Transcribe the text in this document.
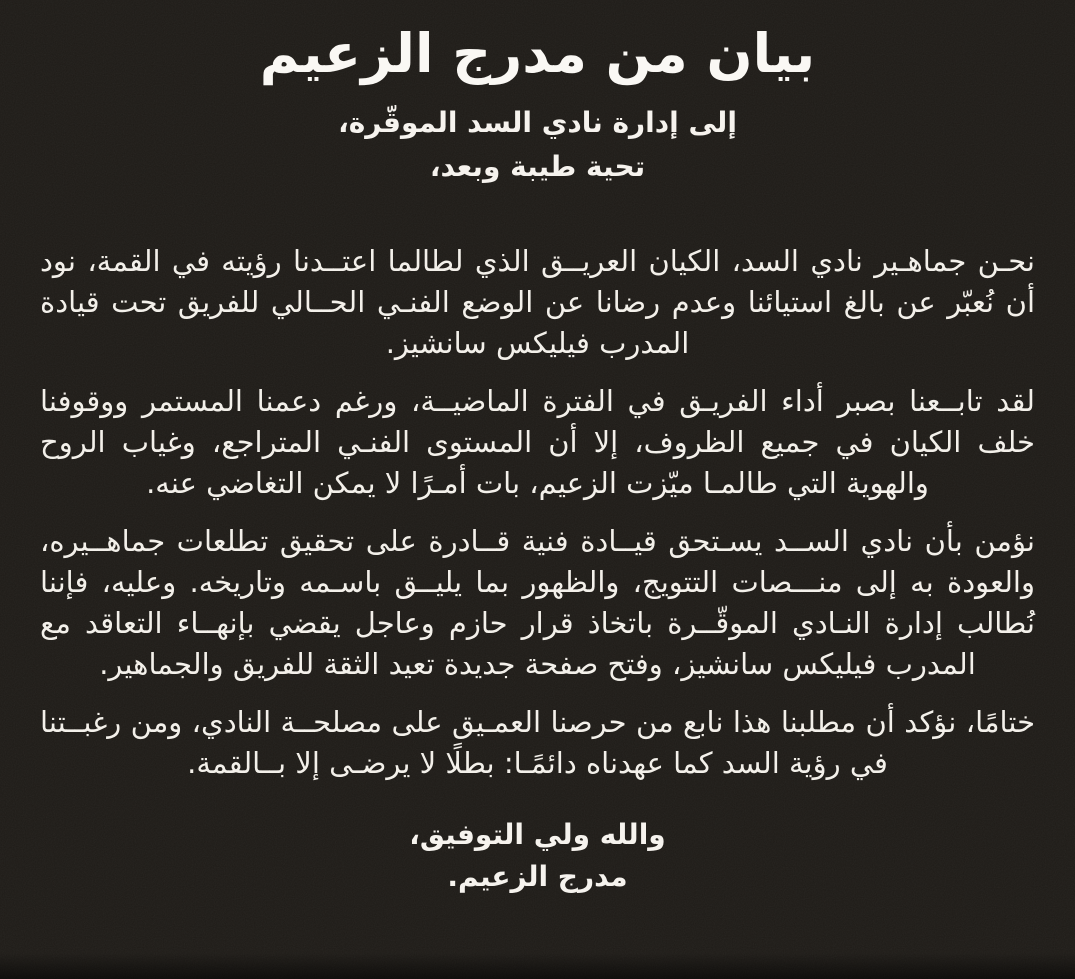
بيان من مدرج الزعيم

إلى إدارة نادي السد الموقّرة،

تحية طيبة وبعد،

نحـن جماهـير نادي السد، الكيان العريــق الذي لطالما اعتــدنا رؤيته في القمة، نود أن نُعبّر عن بالغ استيائنا وعدم رضانا عن الوضع الفنـي الحــالي للفريق تحت قيادة المدرب فيليكس سانشيز.

لقد تابــعنا بصبر أداء الفريـق في الفترة الماضيــة، ورغم دعمنا المستمر ووقوفنا خلف الكيان في جميع الظروف، إلا أن المستوى الفنـي المتراجع، وغياب الروح والهوية التي طالمـا ميّزت الزعيم، بات أمـرًا لا يمكن التغاضي عنه.

نؤمن بأن نادي الســد يسـتحق قيــادة فنية قــادرة على تحقيق تطلعات جماهــيره، والعودة به إلى منـــصات التتويج، والظهور بما يليــق باسـمه وتاريخه. وعليه، فإننا نُطالب إدارة النـادي الموقّــرة باتخاذ قرار حازم وعاجل يقضي بإنهــاء التعاقد مع المدرب فيليكس سانشيز، وفتح صفحة جديدة تعيد الثقة للفريق والجماهير.

ختامًا، نؤكد أن مطلبنا هذا نابع من حرصنا العمـيق على مصلحــة النادي، ومن رغبــتنا في رؤية السد كما عهدناه دائمًـا: بطلًا لا يرضـى إلا بــالقمة.

والله ولي التوفيق،

مدرج الزعيم.
